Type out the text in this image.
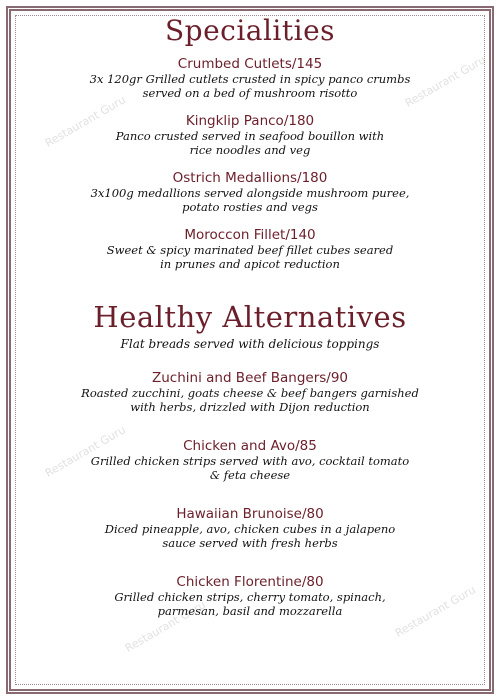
Restaurant Guru
Restaurant Guru
Restaurant Guru
Restaurant Guru
Restaurant Guru
Specialities
Crumbed Cutlets/145
3x 120gr Grilled cutlets crusted in spicy panco crumbs
served on a bed of mushroom risotto
Kingklip Panco/180
Panco crusted served in seafood bouillon with
rice noodles and veg
Ostrich Medallions/180
3x100g medallions served alongside mushroom puree,
potato rosties and vegs
Moroccon Fillet/140
Sweet & spicy marinated beef fillet cubes seared
in prunes and apicot reduction
Healthy Alternatives
Flat breads served with delicious toppings
Zuchini and Beef Bangers/90
Roasted zucchini, goats cheese & beef bangers garnished
with herbs, drizzled with Dijon reduction
Chicken and Avo/85
Grilled chicken strips served with avo, cocktail tomato
& feta cheese
Hawaiian Brunoise/80
Diced pineapple, avo, chicken cubes in a jalapeno
sauce served with fresh herbs
Chicken Florentine/80
Grilled chicken strips, cherry tomato, spinach,
parmesan, basil and mozzarella
